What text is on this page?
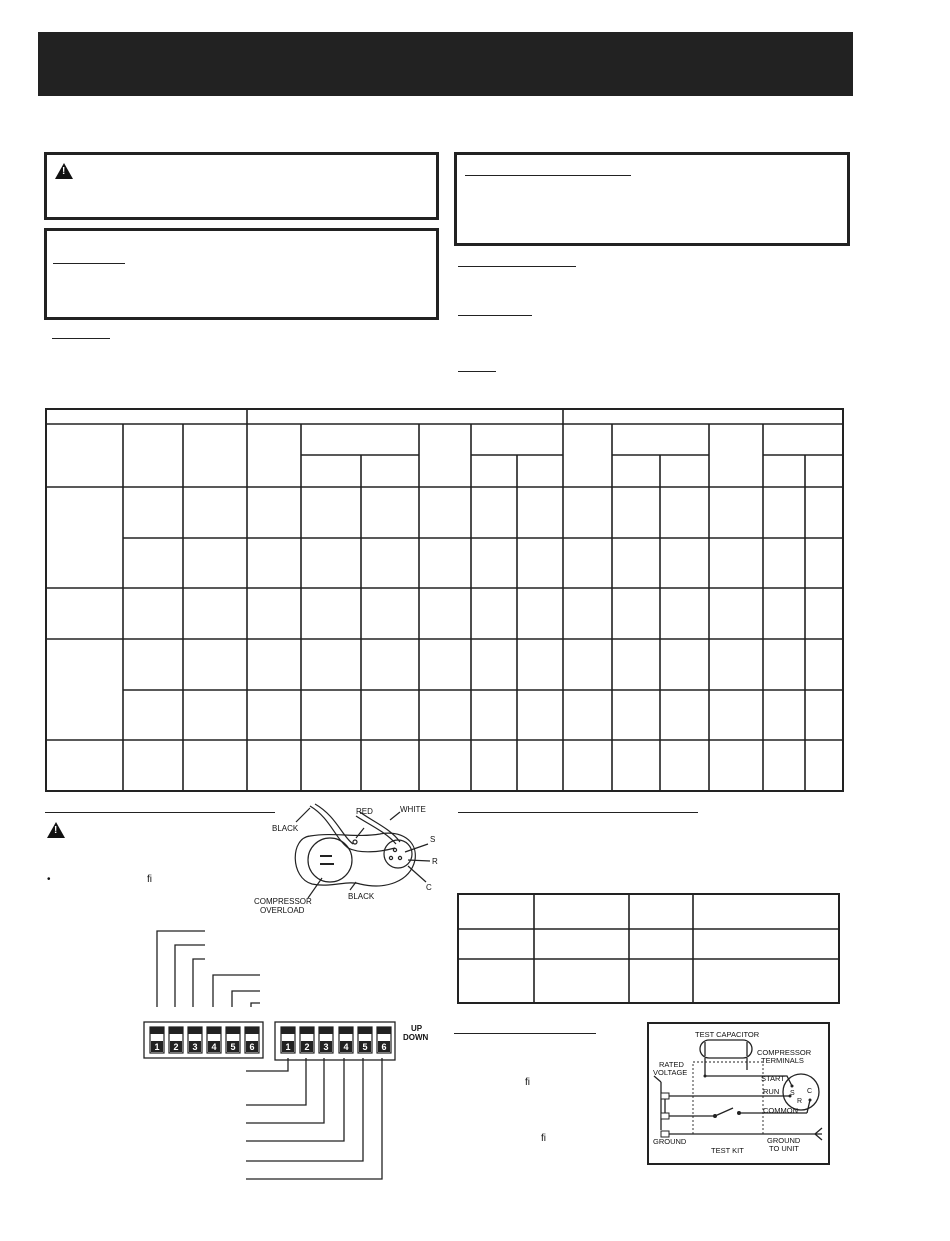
!
!
•	fi
BLACK
RED	WHITE
S
R
C
BLACK
COMPRESSOR
OVERLOAD
1 2 3 4 5 6	1 2 3 4 5 6
UP
DOWN
fi
fi
TEST CAPACITOR
COMPRESSOR
TERMINALS
RATED
VOLTAGE
START
RUN
COMMON
GROUND
TEST KIT
GROUND
TO UNIT
S C
R
